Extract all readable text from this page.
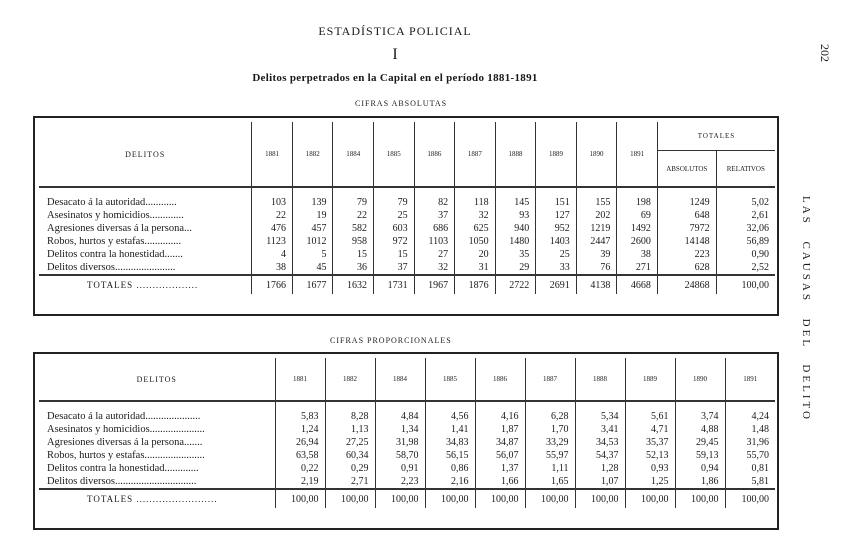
ESTADÍSTICA POLICIAL
I
Delitos perpetrados en la Capital en el período 1881-1891
202
LAS CAUSAS DEL DELITO
CIFRAS ABSOLUTAS
DELITOS	1881	1882	1884	1885	1886	1887	1888	1889	1890	1891	TOTALES	
											ABSOLUTOS	RELATIVOS
Desacato á la autoridad............	103	139	79	79	82	118	145	151	155	198	1249	5,02
Asesinatos y homicidios.............	22	19	22	25	37	32	93	127	202	69	648	2,61
Agresiones diversas á la persona...	476	457	582	603	686	625	940	952	1219	1492	7972	32,06
Robos, hurtos y estafas..............	1123	1012	958	972	1103	1050	1480	1403	2447	2600	14148	56,89
Delitos contra la honestidad.......	4	5	15	15	27	20	35	25	39	38	223	0,90
Delitos diversos.......................	38	45	36	37	32	31	29	33	76	271	628	2,52
TOTALES ...................	1766	1677	1632	1731	1967	1876	2722	2691	4138	4668	24868	100,00
CIFRAS PROPORCIONALES
DELITOS	1881	1882	1884	1885	1886	1887	1888	1889	1890	1891
Desacato á la autoridad.....................	5,83	8,28	4,84	4,56	4,16	6,28	5,34	5,61	3,74	4,24
Asesinatos y homicidios.....................	1,24	1,13	1,34	1,41	1,87	1,70	3,41	4,71	4,88	1,48
Agresiones diversas á la persona.......	26,94	27,25	31,98	34,83	34,87	33,29	34,53	35,37	29,45	31,96
Robos, hurtos y estafas.......................	63,58	60,34	58,70	56,15	56,07	55,97	54,37	52,13	59,13	55,70
Delitos contra la honestidad.............	0,22	0,29	0,91	0,86	1,37	1,11	1,28	0,93	0,94	0,81
Delitos diversos...............................	2,19	2,71	2,23	2,16	1,66	1,65	1,07	1,25	1,86	5,81
TOTALES .........................	100,00	100,00	100,00	100,00	100,00	100,00	100,00	100,00	100,00	100,00
